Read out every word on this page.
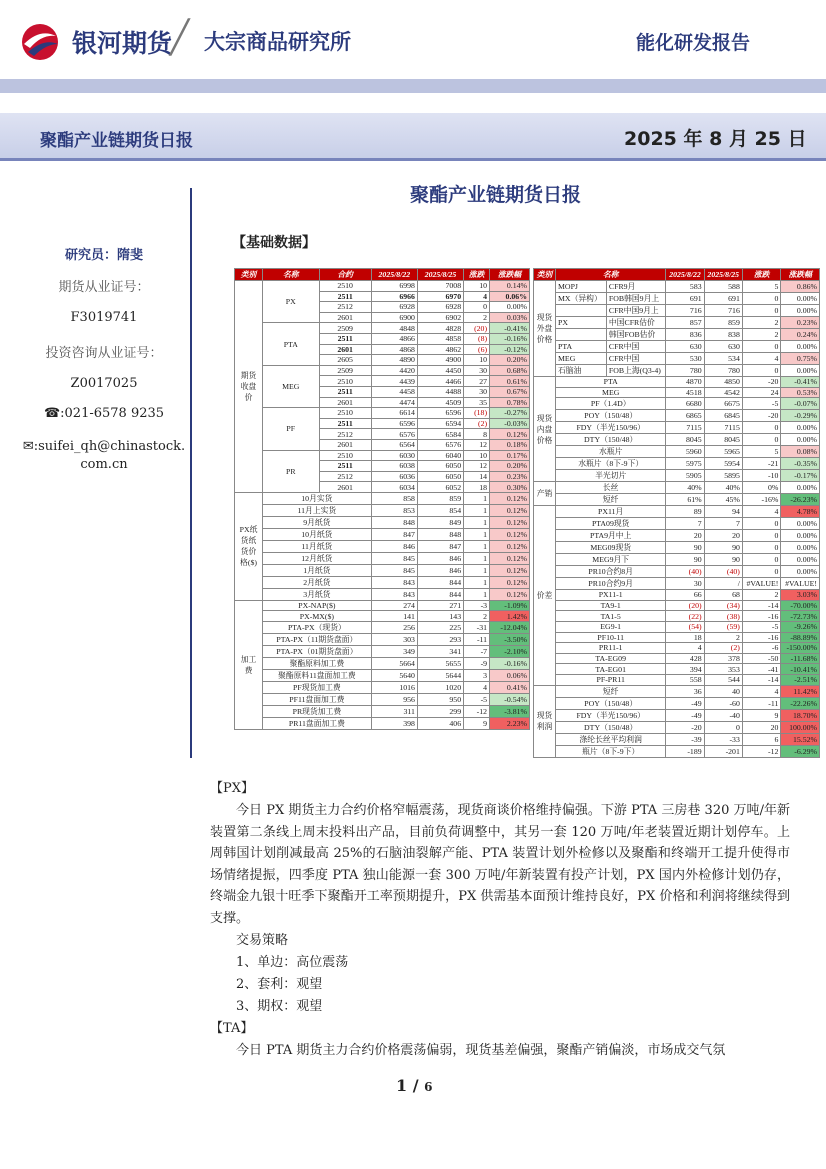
银河期货
╱ 大宗商品研究所	能化研发报告
聚酯产业链期货日报	2025 年 8 月 25 日
聚酯产业链期货日报
研究员：隋斐
期货从业证号：
F3019741
投资咨询从业证号：
Z0017025
☎:021-6578 9235
✉:suifei_qh@chinastock.com.cn
【基础数据】
类别	名称	合约	2025/8/22	2025/8/25	涨跌	涨跌幅
期货收盘价	PX	2510	6998	7008	10	0.14%
		2511	6966	6970	4	0.06%
		2512	6928	6928	0	0.00%
		2601	6900	6902	2	0.03%
	PTA	2509	4848	4828	(20)	-0.41%
		2511	4866	4858	(8)	-0.16%
		2601	4868	4862	(6)	-0.12%
		2605	4890	4900	10	0.20%
	MEG	2509	4420	4450	30	0.68%
		2510	4439	4466	27	0.61%
		2511	4458	4488	30	0.67%
		2601	4474	4509	35	0.78%
	PF	2510	6614	6596	(18)	-0.27%
		2511	6596	6594	(2)	-0.03%
		2512	6576	6584	8	0.12%
		2601	6564	6576	12	0.18%
	PR	2510	6030	6040	10	0.17%
		2511	6038	6050	12	0.20%
		2512	6036	6050	14	0.23%
		2601	6034	6052	18	0.30%
PX纸货纸货价格($)	10月实货		858	859	1	0.12%
	11月上实货		853	854	1	0.12%
	9月纸货		848	849	1	0.12%
	10月纸货		847	848	1	0.12%
	11月纸货		846	847	1	0.12%
	12月纸货		845	846	1	0.12%
	1月纸货		845	846	1	0.12%
	2月纸货		843	844	1	0.12%
	3月纸货		843	844	1	0.12%
加工费	PX-NAP($)		274	271	-3	-1.09%
	PX-MX($)		141	143	2	1.42%
	PTA-PX（现货）		256	225	-31	-12.04%
	PTA-PX（11期货盘面）		303	293	-11	-3.50%
	PTA-PX（01期货盘面）		349	341	-7	-2.10%
	聚酯原料加工费		5664	5655	-9	-0.16%
	聚酯原料11盘面加工费		5640	5644	3	0.06%
	PF现货加工费		1016	1020	4	0.41%
	PF11盘面加工费		956	950	-5	-0.54%
	PR现货加工费		311	299	-12	-3.81%
	PR11盘面加工费		398	406	9	2.23%
类别	名称		2025/8/22	2025/8/25	涨跌	涨跌幅
现货外盘价格	MOPJ	CFR9月	583	588	5	0.86%
	MX（异构）	FOB韩国9月上	691	691	0	0.00%
		CFR中国9月上	716	716	0	0.00%
	PX	中国CFR估价	857	859	2	0.23%
		韩国FOB估价	836	838	2	0.24%
	PTA	CFR中国	630	630	0	0.00%
	MEG	CFR中国	530	534	4	0.75%
	石脑油	FOB上海(Q3-4)	780	780	0	0.00%
现货内盘价格	PTA		4870	4850	-20	-0.41%
	MEG		4518	4542	24	0.53%
	PF（1.4D）		6680	6675	-5	-0.07%
	POY（150/48）		6865	6845	-20	-0.29%
	FDY（半光150/96）		7115	7115	0	0.00%
	DTY（150/48）		8045	8045	0	0.00%
	水瓶片		5960	5965	5	0.08%
	水瓶片（8下-9下）		5975	5954	-21	-0.35%
	半光切片		5905	5895	-10	-0.17%
产销	长丝		40%	40%	0%	0.00%
	短纤		61%	45%	-16%	-26.23%
价差	PX11月		89	94	4	4.78%
	PTA09现货		7	7	0	0.00%
	PTA9月中上		20	20	0	0.00%
	MEG09现货		90	90	0	0.00%
	MEG9月下		90	90	0	0.00%
	PR10合约8月		(40)	(40)	0	0.00%
	PR10合约9月		30	/	#VALUE!	#VALUE!
	PX11-1		66	68	2	3.03%
	TA9-1		(20)	(34)	-14	-70.00%
	TA1-5		(22)	(38)	-16	-72.73%
	EG9-1		(54)	(59)	-5	-9.26%
	PF10-11		18	2	-16	-88.89%
	PR11-1		4	(2)	-6	-150.00%
	TA-EG09		428	378	-50	-11.68%
	TA-EG01		394	353	-41	-10.41%
	PF-PR11		558	544	-14	-2.51%
现货利润	短纤		36	40	4	11.42%
	POY（150/48）		-49	-60	-11	-22.26%
	FDY（半光150/96）		-49	-40	9	18.70%
	DTY（150/48）		-20	0	20	100.00%
	涤纶长丝平均利润		-39	-33	6	15.52%
	瓶片（8下-9下）		-189	-201	-12	-6.29%
【PX】
今日 PX 期货主力合约价格窄幅震荡，现货商谈价格维持偏强。下游 PTA 三房巷 320 万吨/年新装置第二条线上周末投料出产品，目前负荷调整中，其另一套 120 万吨/年老装置近期计划停车。上周韩国计划削减最高 25%的石脑油裂解产能、PTA 装置计划外检修以及聚酯和终端开工提升使得市场情绪提振，四季度 PTA 独山能源一套 300 万吨/年新装置有投产计划，PX 国内外检修计划仍存，终端金九银十旺季下聚酯开工率预期提升，PX 供需基本面预计维持良好，PX 价格和利润将继续得到支撑。
交易策略
1、单边：高位震荡
2、套利：观望
3、期权：观望
【TA】
今日 PTA 期货主力合约价格震荡偏弱，现货基差偏强，聚酯产销偏淡，市场成交气氛
1 / 6
